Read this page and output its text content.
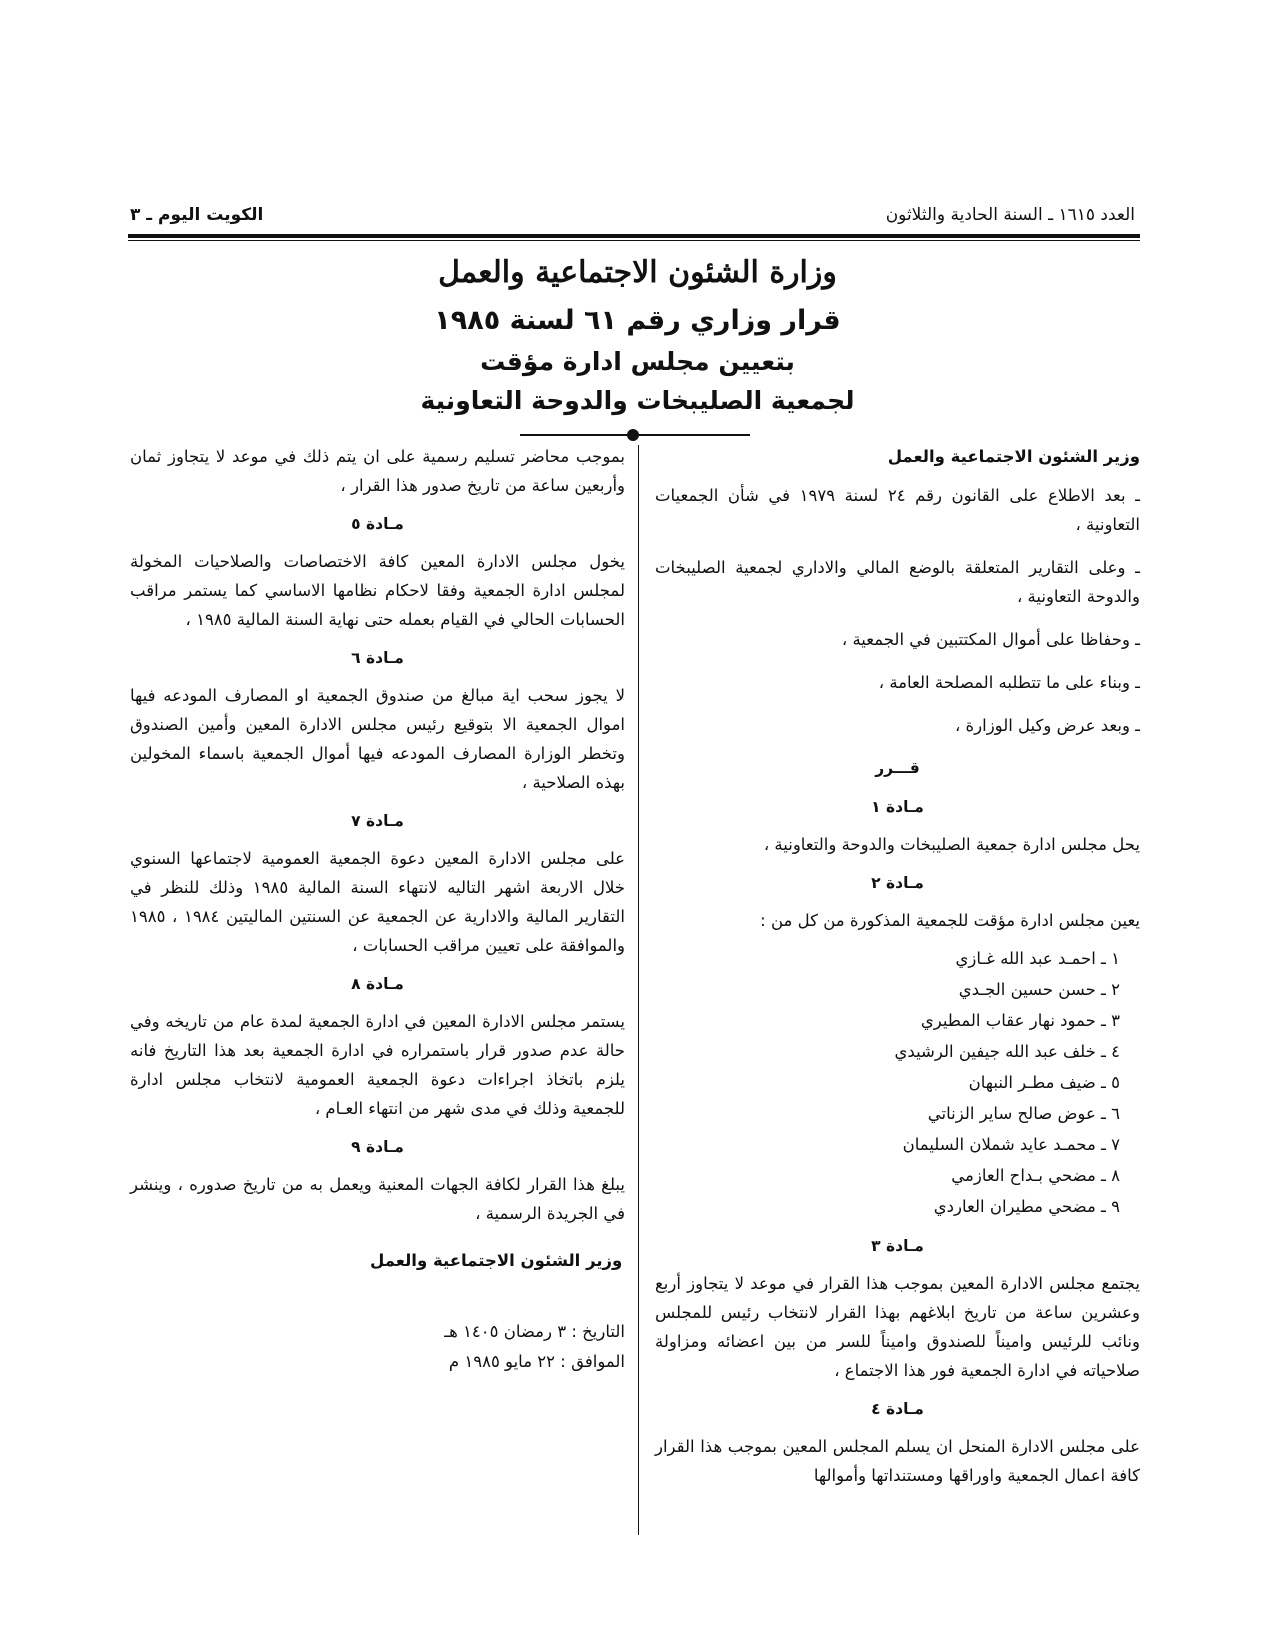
الكويت اليوم ـ ٣	العدد ١٦١٥ ـ السنة الحادية والثلاثون
وزارة الشئون الاجتماعية والعمل
قرار وزاري رقم ٦١ لسنة ١٩٨٥
بتعيين مجلس ادارة مؤقت
لجمعية الصليبخات والدوحة التعاونية

وزير الشئون الاجتماعية والعمل

ـ بعد الاطلاع على القانون رقم ٢٤ لسنة ١٩٧٩ في شأن الجمعيات التعاونية ،

ـ وعلى التقارير المتعلقة بالوضع المالي والاداري لجمعية الصليبخات والدوحة التعاونية ،

ـ وحفاظا على أموال المكتتبين في الجمعية ،

ـ وبناء على ما تتطلبه المصلحة العامة ،

ـ وبعد عرض وكيل الوزارة ،

قـــرر
مـادة ١

يحل مجلس ادارة جمعية الصليبخات والدوحة والتعاونية ،

مـادة ٢

يعين مجلس ادارة مؤقت للجمعية المذكورة من كل من :

١ ـ احمـد عبد الله غـازي
٢ ـ حسن حسين الجـدي
٣ ـ حمود نهار عقاب المطيري
٤ ـ خلف عبد الله جيفين الرشيدي
٥ ـ ضيف مطـر النبهان
٦ ـ عوض صالح ساير الزناتي
٧ ـ محمـد عايد شملان السليمان
٨ ـ مضحي بـداح العازمي
٩ ـ مضحي مطيران العاردي
مـادة ٣

يجتمع مجلس الادارة المعين بموجب هذا القرار في موعد لا يتجاوز أربع وعشرين ساعة من تاريخ ابلاغهم بهذا القرار لانتخاب رئيس للمجلس ونائب للرئيس واميناً للصندوق واميناً للسر من بين اعضائه ومزاولة صلاحياته في ادارة الجمعية فور هذا الاجتماع ،

مـادة ٤

على مجلس الادارة المنحل ان يسلم المجلس المعين بموجب هذا القرار كافة اعمال الجمعية واوراقها ومستنداتها وأموالها

بموجب محاضر تسليم رسمية على ان يتم ذلك في موعد لا يتجاوز ثمان وأربعين ساعة من تاريخ صدور هذا القرار ،

مـادة ٥

يخول مجلس الادارة المعين كافة الاختصاصات والصلاحيات المخولة لمجلس ادارة الجمعية وفقا لاحكام نظامها الاساسي كما يستمر مراقب الحسابات الحالي في القيام بعمله حتى نهاية السنة المالية ١٩٨٥ ،

مـادة ٦

لا يجوز سحب اية مبالغ من صندوق الجمعية او المصارف المودعه فيها اموال الجمعية الا بتوقيع رئيس مجلس الادارة المعين وأمين الصندوق وتخطر الوزارة المصارف المودعه فيها أموال الجمعية باسماء المخولين بهذه الصلاحية ،

مـادة ٧

على مجلس الادارة المعين دعوة الجمعية العمومية لاجتماعها السنوي خلال الاربعة اشهر التاليه لانتهاء السنة المالية ١٩٨٥ وذلك للنظر في التقارير المالية والادارية عن الجمعية عن السنتين الماليتين ١٩٨٤ ، ١٩٨٥ والموافقة على تعيين مراقب الحسابات ،

مـادة ٨

يستمر مجلس الادارة المعين في ادارة الجمعية لمدة عام من تاريخه وفي حالة عدم صدور قرار باستمراره في ادارة الجمعية بعد هذا التاريخ فانه يلزم باتخاذ اجراءات دعوة الجمعية العمومية لانتخاب مجلس ادارة للجمعية وذلك في مدى شهر من انتهاء العـام ،

مـادة ٩

يبلغ هذا القرار لكافة الجهات المعنية ويعمل به من تاريخ صدوره ، وينشر في الجريدة الرسمية ،

وزير الشئون الاجتماعية والعمل

التاريخ : ٣ رمضان ١٤٠٥ هـ
الموافق : ٢٢ مايو ١٩٨٥ م
